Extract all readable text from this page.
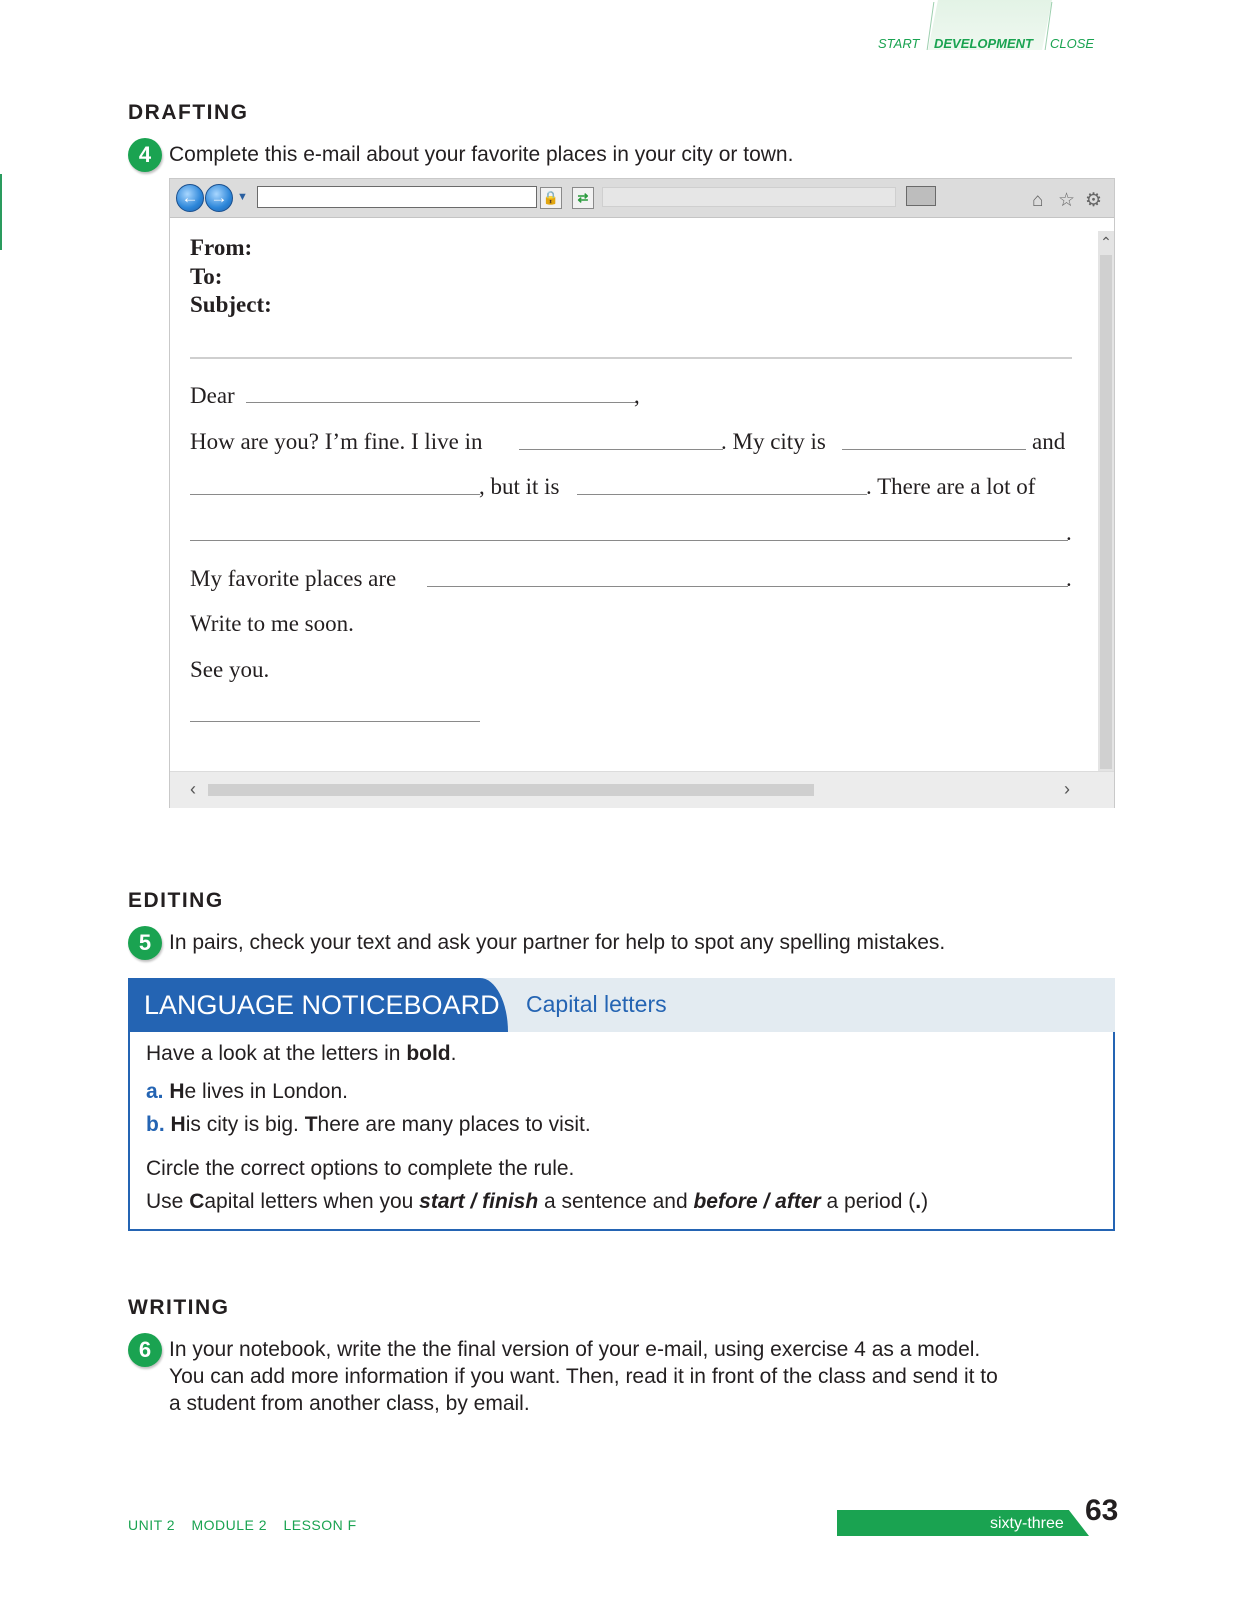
START DEVELOPMENT CLOSE
DRAFTING
4 Complete this e-mail about your favorite places in your city or town.
← → ▼	🔒	⇄	⌂ ☆ ⚙
⌃
From:
To:
Subject:
Dear	,
How are you? I’m fine. I live in	. My city is	and
, but it is	. There are a lot of
.
My favorite places are	.
Write to me soon.
See you.
‹	›
EDITING
5 In pairs, check your text and ask your partner for help to spot any spelling mistakes.
LANGUAGE NOTICEBOARD	Capital letters
Have a look at the letters in bold.
a. He lives in London.
b. His city is big. There are many places to visit.
Circle the correct options to complete the rule.
Use Capital letters when you start / finish a sentence and before / after a period (.)
WRITING
6 In your notebook, write the the final version of your e-mail, using exercise 4 as a model.
You can add more information if you want. Then, read it in front of the class and send it to
a student from another class, by email.
UNIT 2 MODULE 2 LESSON F	sixty-three 63
